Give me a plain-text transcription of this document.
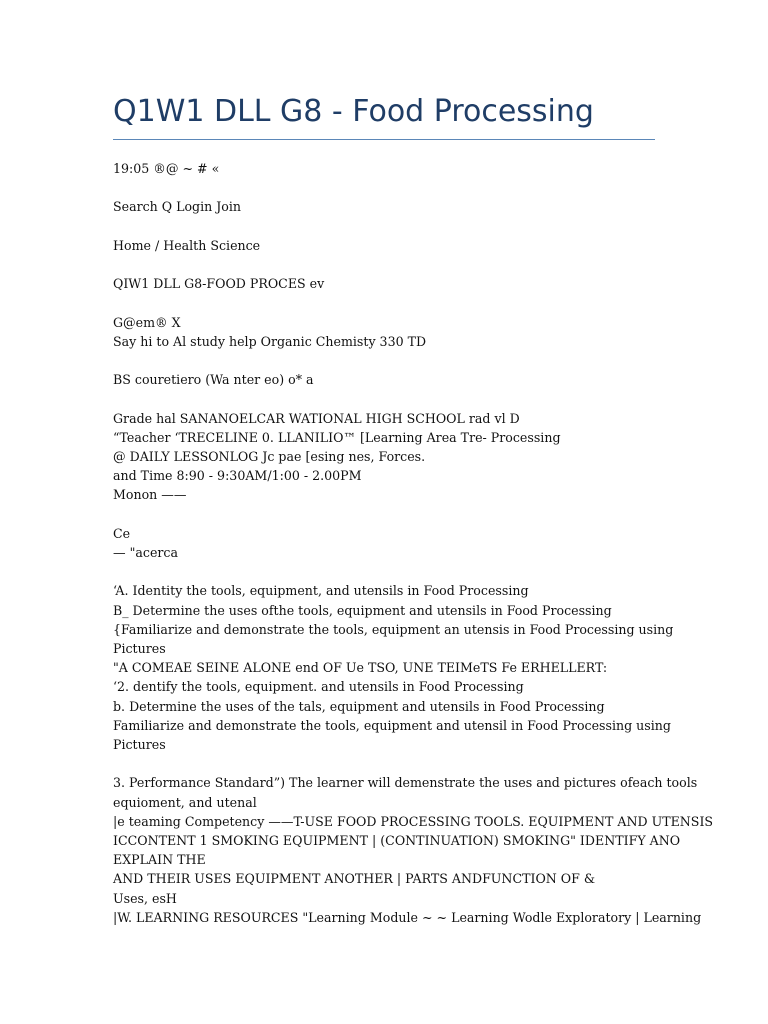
Q1W1 DLL G8 - Food Processing
19:05 ®@ ~ # «
Search Q Login Join
Home / Health Science
QIW1 DLL G8-FOOD PROCES ev
G@em® X
Say hi to Al study help Organic Chemisty 330 TD
BS couretiero (Wa nter eo) o* a
Grade hal SANANOELCAR WATIONAL HIGH SCHOOL rad vl D
“Teacher ‘TRECELINE 0. LLANILIO™ [Learning Area Tre- Processing
@ DAILY LESSONLOG Jc pae [esing nes, Forces.
and Time 8:90 - 9:30AM/1:00 - 2.00PM
Monon ——
Ce
— "acerca
‘A. Identity the tools, equipment, and utensils in Food Processing
B_ Determine the uses ofthe tools, equipment and utensils in Food Processing
{Familiarize and demonstrate the tools, equipment an utensis in Food Processing using
Pictures
"A COMEAE SEINE ALONE end OF Ue TSO, UNE TEIMeTS Fe ERHELLERT:
‘2. dentify the tools, equipment. and utensils in Food Processing
b. Determine the uses of the tals, equipment and utensils in Food Processing
Familiarize and demonstrate the tools, equipment and utensil in Food Processing using
Pictures
3. Performance Standard”) The learner will demenstrate the uses and pictures ofeach tools
equioment, and utenal
|e teaming Competency ——T-USE FOOD PROCESSING TOOLS. EQUIPMENT AND UTENSIS
ICCONTENT 1 SMOKING EQUIPMENT | (CONTINUATION) SMOKING" IDENTIFY ANO
EXPLAIN THE
AND THEIR USES EQUIPMENT ANOTHER | PARTS ANDFUNCTION OF &
Uses, esH
|W. LEARNING RESOURCES "Learning Module ~ ~ Learning Wodle Exploratory | Learning
